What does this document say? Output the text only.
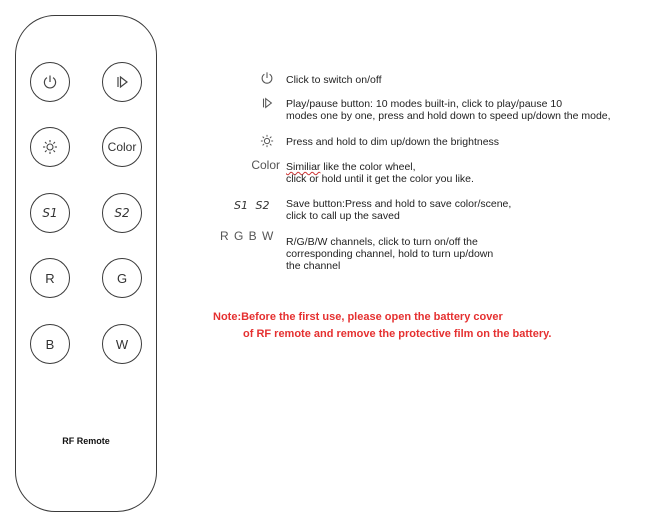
Color
S1	S2
R	G
B	W
RF Remote
Click to switch on/off
Play/pause button: 10 modes built-in, click to play/pause 10
modes one by one, press and hold down to speed up/down the mode,
Press and hold to dim up/down the brightness
Color Similiar like the color wheel,
click or hold until it get the color you like.
S1 S2	Save button:Press and hold to save color/scene,
click to call up the saved
R G B W	R/G/B/W channels, click to turn on/off the
corresponding channel, hold to turn up/down
the channel
Note:Before the first use, please open the battery cover
of RF remote and remove the protective film on the battery.
